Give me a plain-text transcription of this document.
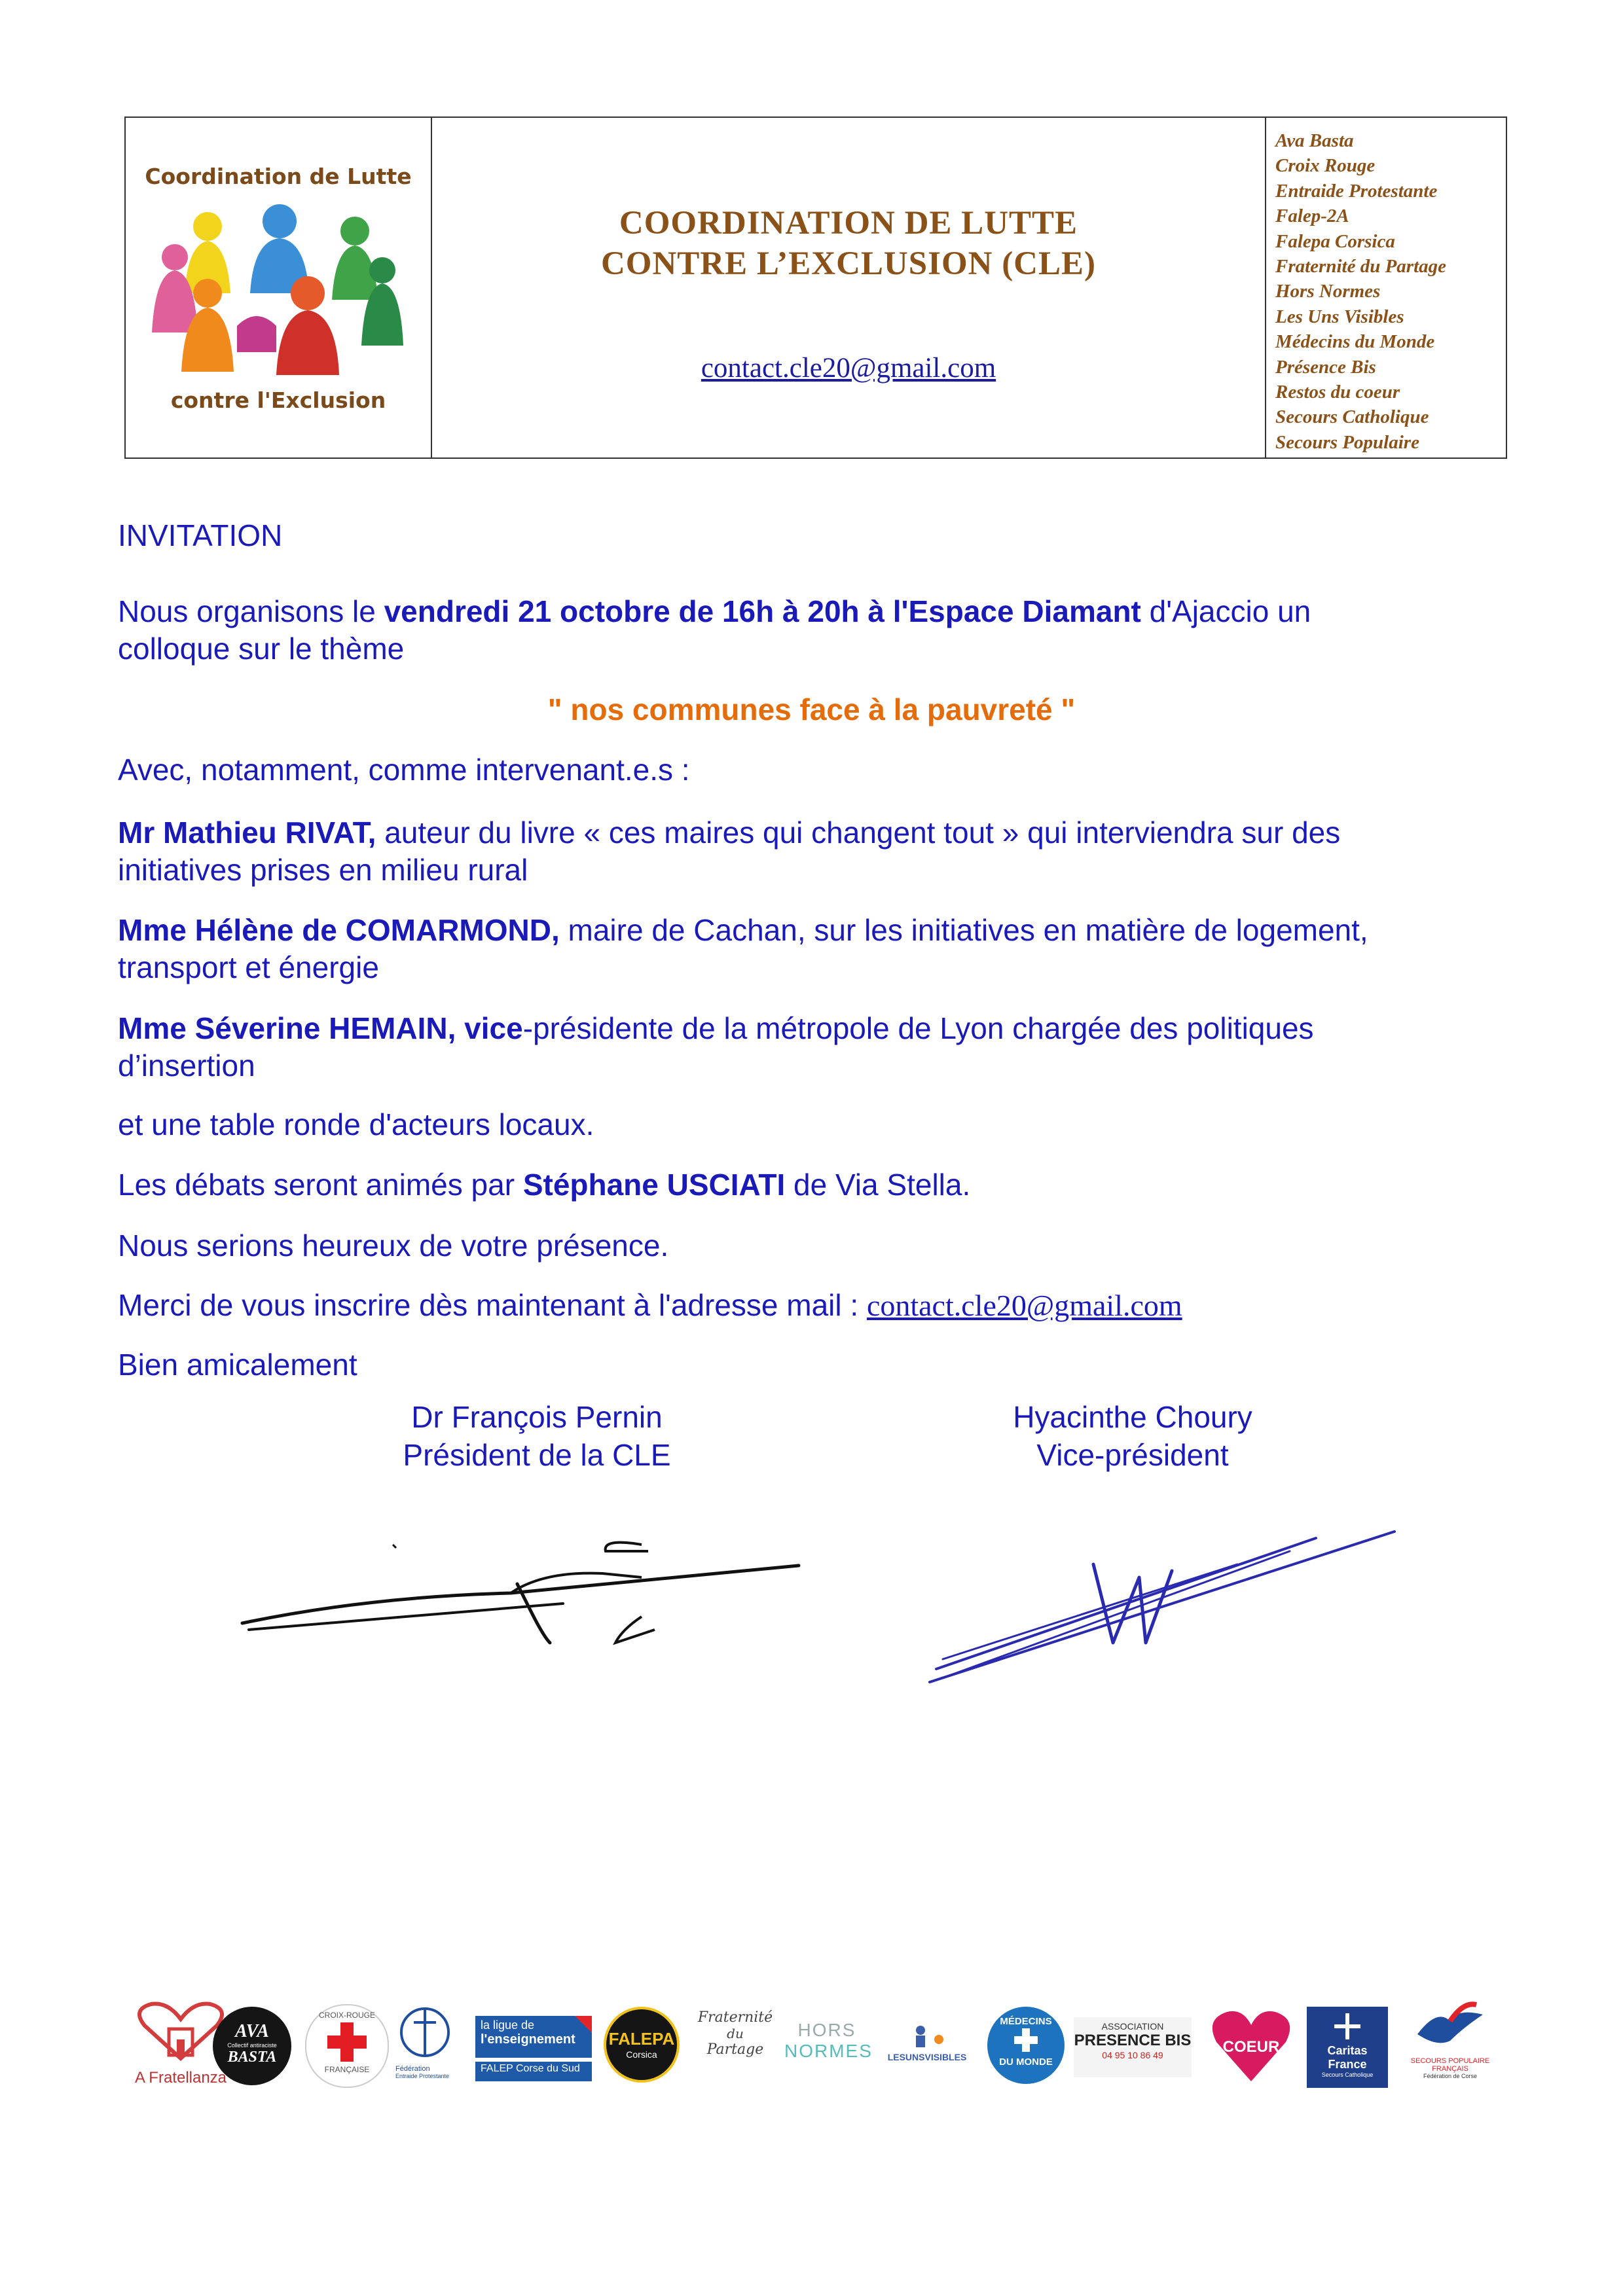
Coordination de Lutte
contre l'Exclusion
COORDINATION DE LUTTE
CONTRE L’EXCLUSION (CLE)
contact.cle20@gmail.com
Ava Basta
Croix Rouge
Entraide Protestante
Falep-2A
Falepa Corsica
Fraternité du Partage
Hors Normes
Les Uns Visibles
Médecins du Monde
Présence Bis
Restos du coeur
Secours Catholique
Secours Populaire
INVITATION
Nous organisons le vendredi 21 octobre de 16h à 20h à l'Espace Diamant d'Ajaccio un
colloque sur le thème
" nos communes face à la pauvreté "
Avec, notamment, comme intervenant.e.s :
Mr Mathieu RIVAT, auteur du livre « ces maires qui changent tout » qui interviendra sur des
initiatives prises en milieu rural
Mme Hélène de COMARMOND, maire de Cachan, sur les initiatives en matière de logement,
transport et énergie
Mme Séverine HEMAIN, vice-présidente de la métropole de Lyon chargée des politiques
d’insertion
et une table ronde d'acteurs locaux.
Les débats seront animés par Stéphane USCIATI de Via Stella.
Nous serions heureux de votre présence.
Merci de vous inscrire dès maintenant à l'adresse mail : contact.cle20@gmail.com
Bien amicalement
Dr François Pernin
Président de la CLE
Hyacinthe Choury
Vice-président
A Fratellanza
AVA
Collectif antiraciste
BASTA
CROIX-ROUGE
FRANÇAISE	Fédération
Entraide Protestante
la ligue de
l'enseignement
FALEP Corse du Sud
FALEPA
Corsica
Fraternité
du
Partage
HORS
NORMES	LESUNSVISIBLES
MÉDECINS
DU MONDE
ASSOCIATION
PRESENCE BIS
04 95 10 86 49	COEUR	Caritas
France
Secours Catholique
SECOURS POPULAIRE FRANÇAIS
Fédération de Corse
